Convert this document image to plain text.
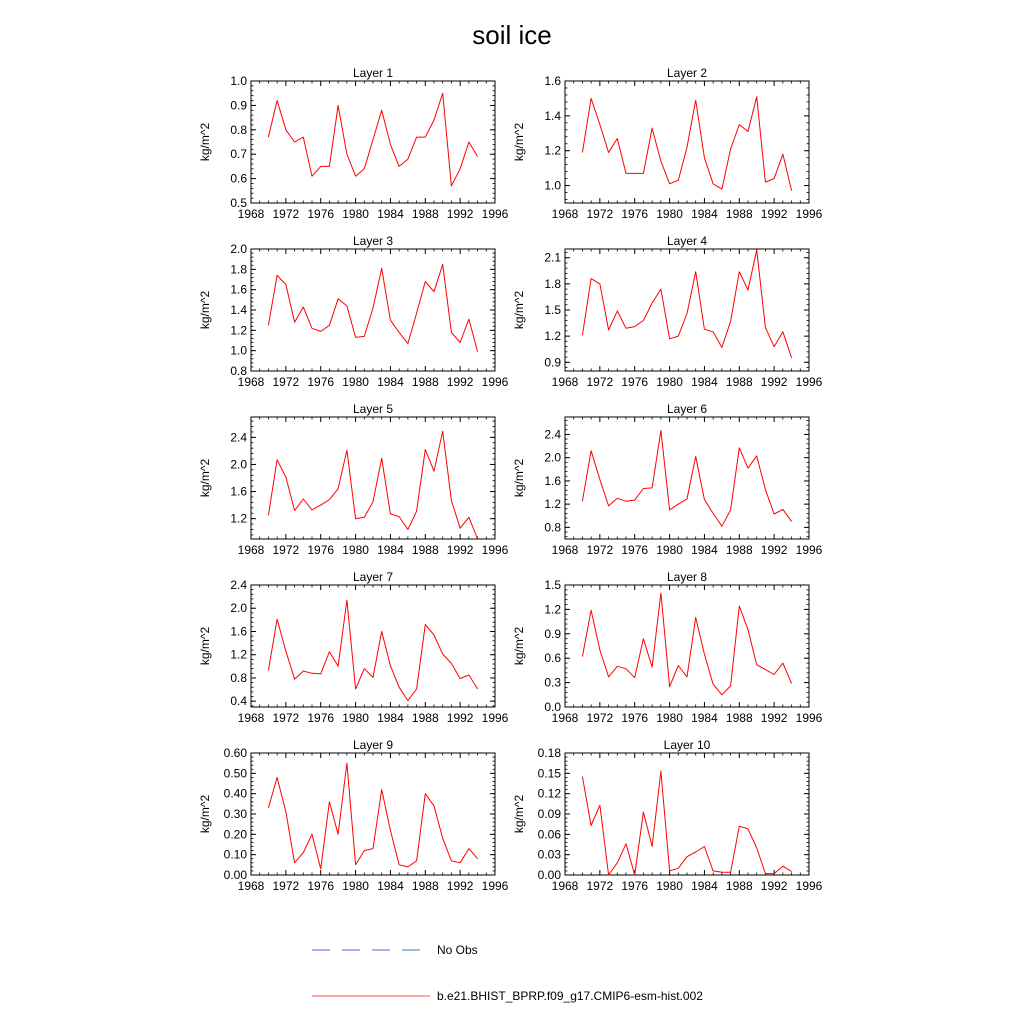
soil ice
Layer 1
kg/m^2
1968 1972 1976 1980 1984 1988 1992 1996
0.5
0.6
0.7
0.8
0.9
1.0
Layer 2
kg/m^2
1968 1972 1976 1980 1984 1988 1992 1996
1.0
1.2
1.4
1.6
Layer 3
kg/m^2
1968 1972 1976 1980 1984 1988 1992 1996
0.8
1.0
1.2
1.4
1.6
1.8
2.0
Layer 4
kg/m^2
1968 1972 1976 1980 1984 1988 1992 1996
0.9
1.2
1.5
1.8
2.1
Layer 5
kg/m^2
1968 1972 1976 1980 1984 1988 1992 1996
1.2
1.6
2.0
2.4
Layer 6
kg/m^2
1968 1972 1976 1980 1984 1988 1992 1996
0.8
1.2
1.6
2.0
2.4
Layer 7
kg/m^2
1968 1972 1976 1980 1984 1988 1992 1996
0.4
0.8
1.2
1.6
2.0
2.4
Layer 8
kg/m^2
1968 1972 1976 1980 1984 1988 1992 1996
0.0
0.3
0.6
0.9
1.2
1.5
Layer 9
kg/m^2
1968 1972 1976 1980 1984 1988 1992 1996
0.00
0.10
0.20
0.30
0.40
0.50
0.60
Layer 10
kg/m^2
1968 1972 1976 1980 1984 1988 1992 1996
0.00
0.03
0.06
0.09
0.12
0.15
0.18
No Obs
b.e21.BHIST_BPRP.f09_g17.CMIP6-esm-hist.002
